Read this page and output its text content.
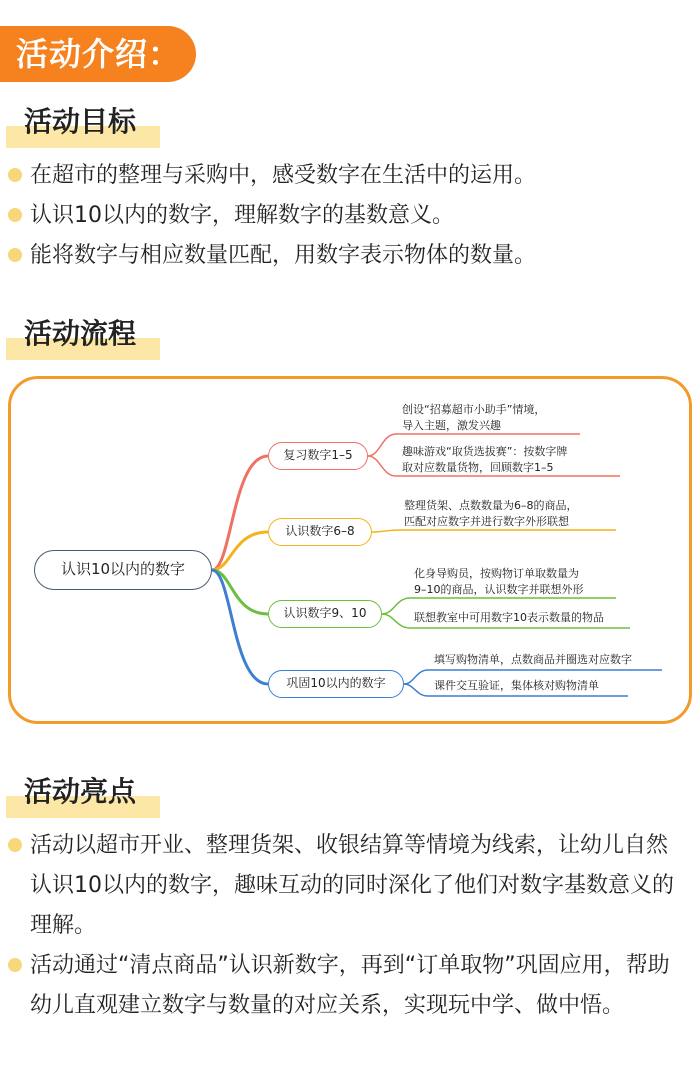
活动介绍：
活动目标
在超市的整理与采购中，感受数字在生活中的运用。
认识10以内的数字，理解数字的基数意义。
能将数字与相应数量匹配，用数字表示物体的数量。
活动流程
认识10以内的数字
复习数字1–5
认识数字6–8
认识数字9、10
巩固10以内的数字
创设“招募超市小助手”情境，
导入主题，激发兴趣
趣味游戏“取货选拔赛”：按数字牌
取对应数量货物，回顾数字1–5
整理货架、点数数量为6–8的商品，
匹配对应数字并进行数字外形联想
化身导购员，按购物订单取数量为
9–10的商品，认识数字并联想外形
联想教室中可用数字10表示数量的物品
填写购物清单，点数商品并圈选对应数字
课件交互验证，集体核对购物清单
活动亮点
活动以超市开业、整理货架、收银结算等情境为线索，让幼儿自然认识10以内的数字，趣味互动的同时深化了他们对数字基数意义的理解。
活动通过“清点商品”认识新数字，再到“订单取物”巩固应用，帮助幼儿直观建立数字与数量的对应关系，实现玩中学、做中悟。
